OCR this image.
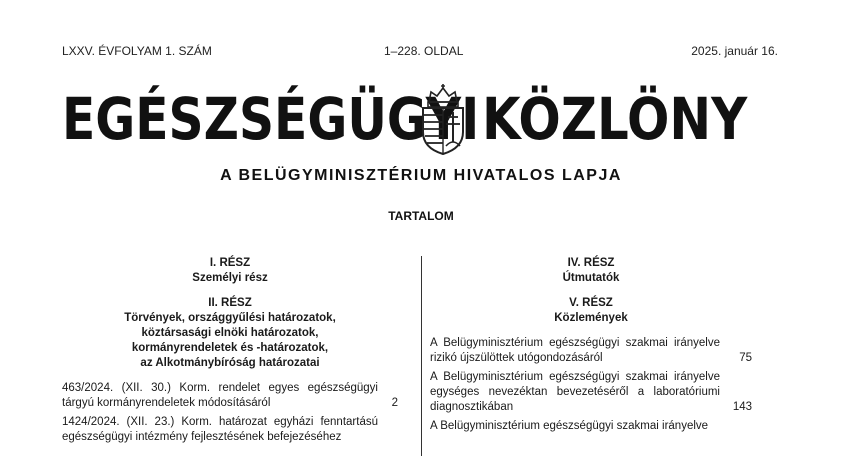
LXXV. ÉVFOLYAM 1. SZÁM	1–228. OLDAL	2025. január 16.
EGÉSZSÉGÜGYI KÖZLÖNY
A BELÜGYMINISZTÉRIUM HIVATALOS LAPJA
TARTALOM
I. RÉSZ
Személyi rész
II. RÉSZ
Törvények, országgyűlési határozatok,
köztársasági elnöki határozatok,
kormányrendeletek és -határozatok,
az Alkotmánybíróság határozatai
463/2024. (XII. 30.) Korm. rendelet egyes egészségügyi tárgyú kormányrendeletek módosításáról	2
1424/2024. (XII. 23.) Korm. határozat egyházi fenntartású egészségügyi intézmény fejlesztésének befejezéséhez
IV. RÉSZ
Útmutatók
V. RÉSZ
Közlemények
A Belügyminisztérium egészségügyi szakmai irányelve rizikó újszülöttek utógondozásáról	75
A Belügyminisztérium egészségügyi szakmai irányelve egységes nevezéktan bevezetéséről a laboratóriumi diagnosztikában	143
A Belügyminisztérium egészségügyi szakmai irányelve
